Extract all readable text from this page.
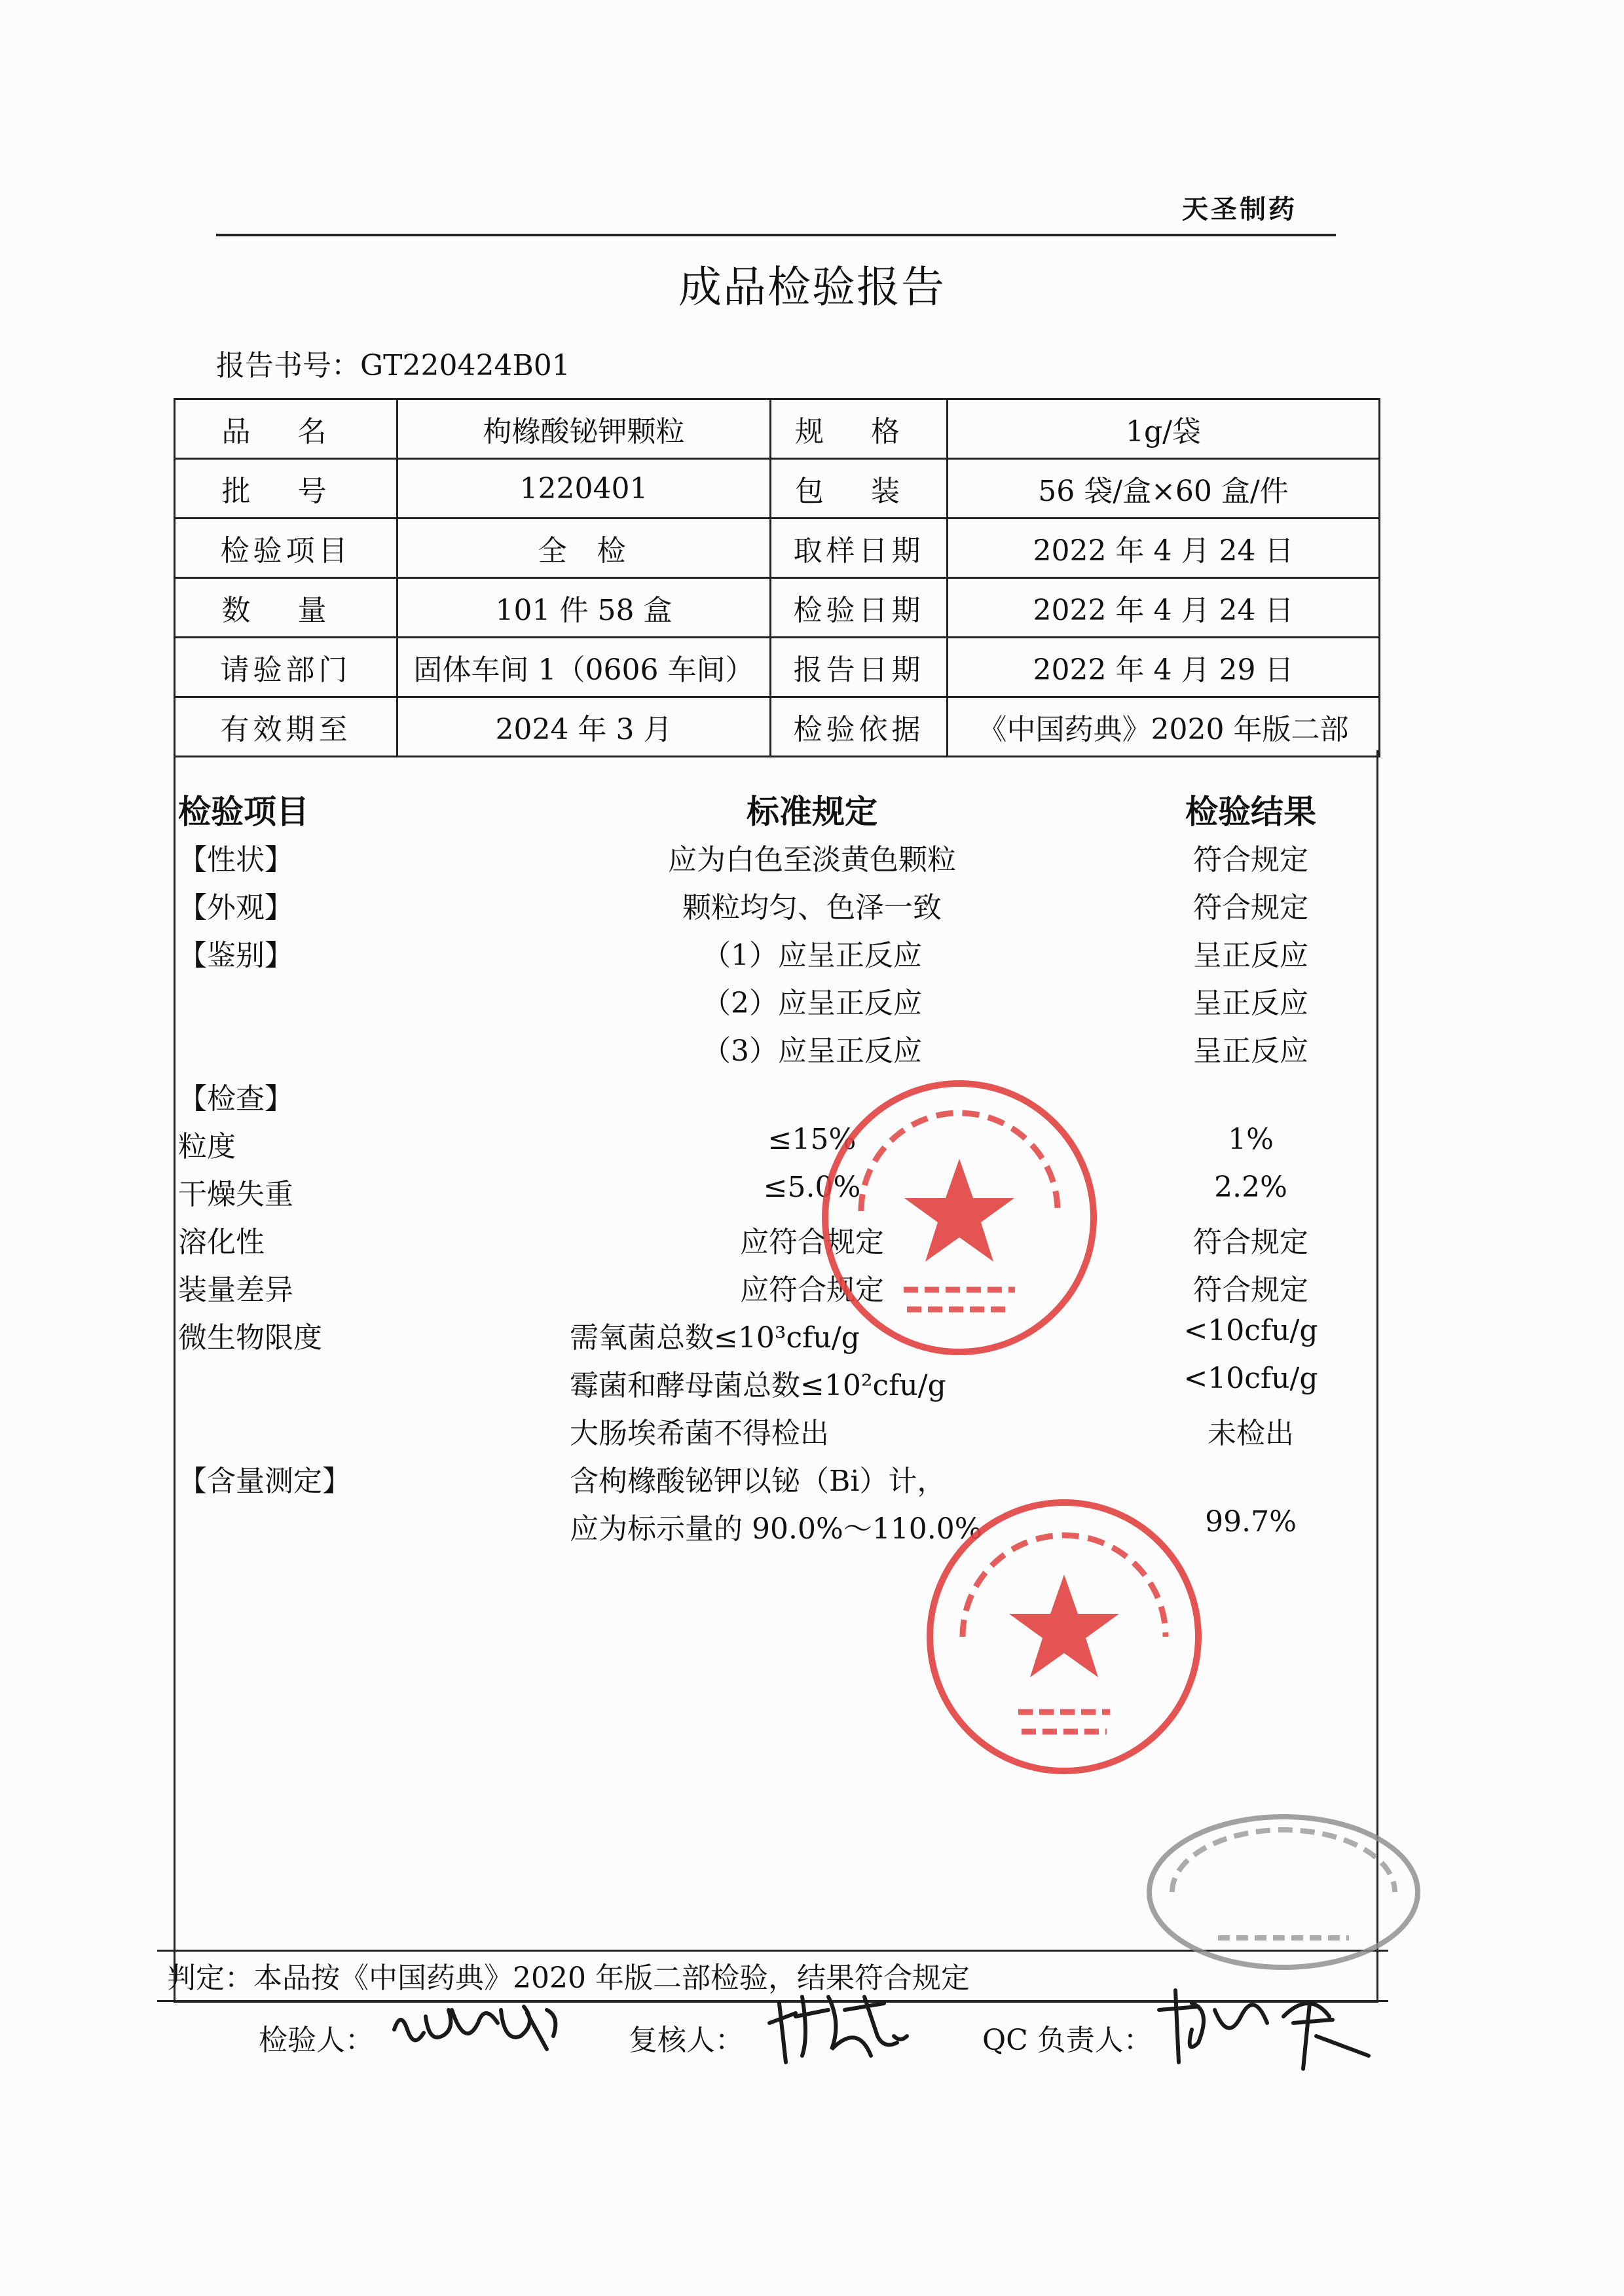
天圣制药
成品检验报告
报告书号：GT220424B01
品名	枸橼酸铋钾颗粒	规格	1g/袋
批号	1220401	包装	56 袋/盒×60 盒/件
检验项目	全  检	取样日期	2022 年 4 月 24 日
数量	101 件 58 盒	检验日期	2022 年 4 月 24 日
请验部门	固体车间 1（0606 车间）	报告日期	2022 年 4 月 29 日
有效期至	2024 年 3 月	检验依据	《中国药典》2020 年版二部
检验项目	标准规定	检验结果
【性状】	应为白色至淡黄色颗粒	符合规定
【外观】	颗粒均匀、色泽一致	符合规定
【鉴别】	（1）应呈正反应	呈正反应
（2）应呈正反应	呈正反应
（3）应呈正反应	呈正反应
【检查】
粒度	≤15%	1%
干燥失重	≤5.0%	2.2%
溶化性	应符合规定	符合规定
装量差异	应符合规定	符合规定
微生物限度	需氧菌总数≤10³cfu/g	<10cfu/g
霉菌和酵母菌总数≤10²cfu/g	<10cfu/g
大肠埃希菌不得检出	未检出
【含量测定】	含枸橼酸铋钾以铋（Bi）计，
应为标示量的 90.0%～110.0%	99.7%
判定：本品按《中国药典》2020 年版二部检验，结果符合规定
检验人：	复核人：	QC 负责人：
